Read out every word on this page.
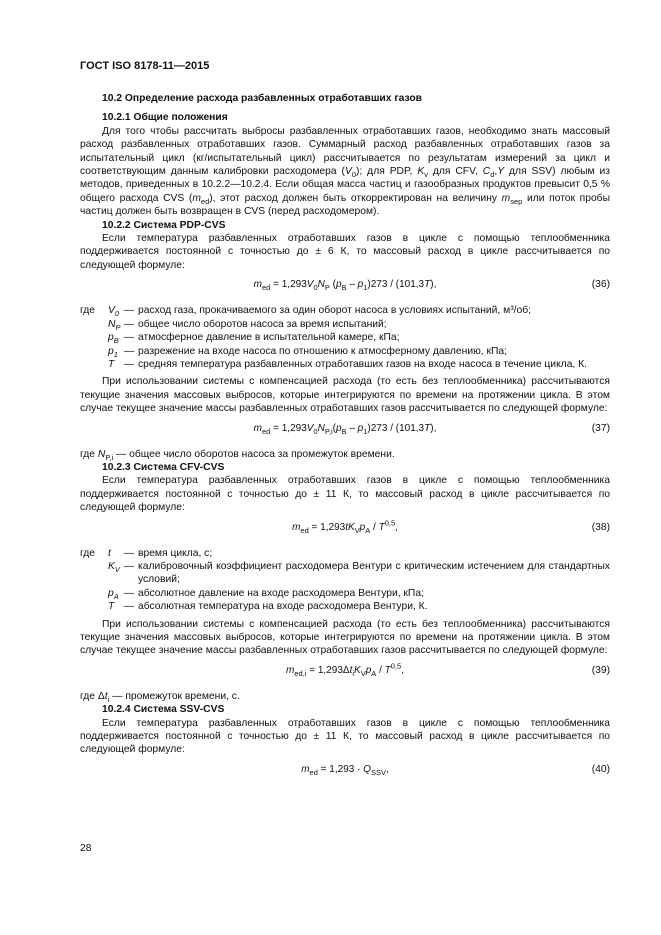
ГОСТ ISO 8178-11—2015
10.2 Определение расхода разбавленных отработавших газов
10.2.1 Общие положения

Для того чтобы рассчитать выбросы разбавленных отработавших газов, необходимо знать массовый расход разбавленных отработавших газов. Суммарный расход разбавленных отработавших газов за испытательный цикл (кг/испытательный цикл) рассчитывается по результатам измерений за цикл и соответствующим данным калибровки расходомера $(V_0)$; для PDP, $K_v$ для CFV, $C_d,Y$ для SSV) любым из методов, приведенных в 10.2.2—10.2.4. Если общая масса частиц и газообразных продуктов превысит 0,5 % общего расхода CVS $(m_{ed})$, этот расход должен быть откорректирован на величину $m_{sep}$ или поток пробы частиц должен быть возвращен в CVS (перед расходомером).

10.2.2 Система PDP-CVS

Если температура разбавленных отработавших газов в цикле с помощью теплообменника поддерживается постоянной с точностью до ± 6 К, то массовый расход в цикле рассчитывается по следующей формуле:

$m_{ed} = 1,293V_0N_P$ $(p_B - p_1)273 / (101,3T)$,	(36)
где	$V_0$ — расход газа, прокачиваемого за один оборот насоса в условиях испытаний, м³/об;
$N_P$ — общее число оборотов насоса за время испытаний;
$p_B$ — атмосферное давление в испытательной камере, кПа;
$p_1$ — разрежение на входе насоса по отношению к атмосферному давлению, кПа;
T — средняя температура разбавленных отработавших газов на входе насоса в течение цикла, К.

При использовании системы с компенсацией расхода (то есть без теплообменника) рассчитываются текущие значения массовых выбросов, которые интегрируются по времени на протяжении цикла. В этом случае текущее значение массы разбавленных отработавших газов рассчитывается по следующей формуле:

$m_{ed} = 1,293V_0N_{P,i}(p_B - p_1)273 / (101,3T)$,	(37)

где $N_{P,i}$ — общее число оборотов насоса за промежуток времени.

10.2.3 Система CFV-CVS

Если температура разбавленных отработавших газов в цикле с помощью теплообменника поддерживается постоянной с точностью до ± 11 К, то массовый расход в цикле рассчитывается по следующей формуле:

$m_{ed} = 1,293tK_Vp_A / T^{0,5}$,	(38)
где	t	— время цикла, с;
$K_V$ — калибровочный коэффициент расходомера Вентури с критическим истечением для стандартных условий;
$p_A$ — абсолютное давление на входе расходомера Вентури, кПа;
T — абсолютная температура на входе расходомера Вентури, К.

При использовании системы с компенсацией расхода (то есть без теплообменника) рассчитываются текущие значения массовых выбросов, которые интегрируются по времени на протяжении цикла. В этом случае текущее значение массы разбавленных отработавших газов рассчитывается по следующей формуле:

$m_{ed,i} = 1,293\Delta t_iK_Vp_A / T^{0,5}$,	(39)

где $\Delta t_i$ — промежуток времени, с.

10.2.4 Система SSV-CVS

Если температура разбавленных отработавших газов в цикле с помощью теплообменника поддерживается постоянной с точностью до ± 11 К, то массовый расход в цикле рассчитывается по следующей формуле:

$m_{ed} = 1,293 \cdot Q_{SSV}$,	(40)
28
